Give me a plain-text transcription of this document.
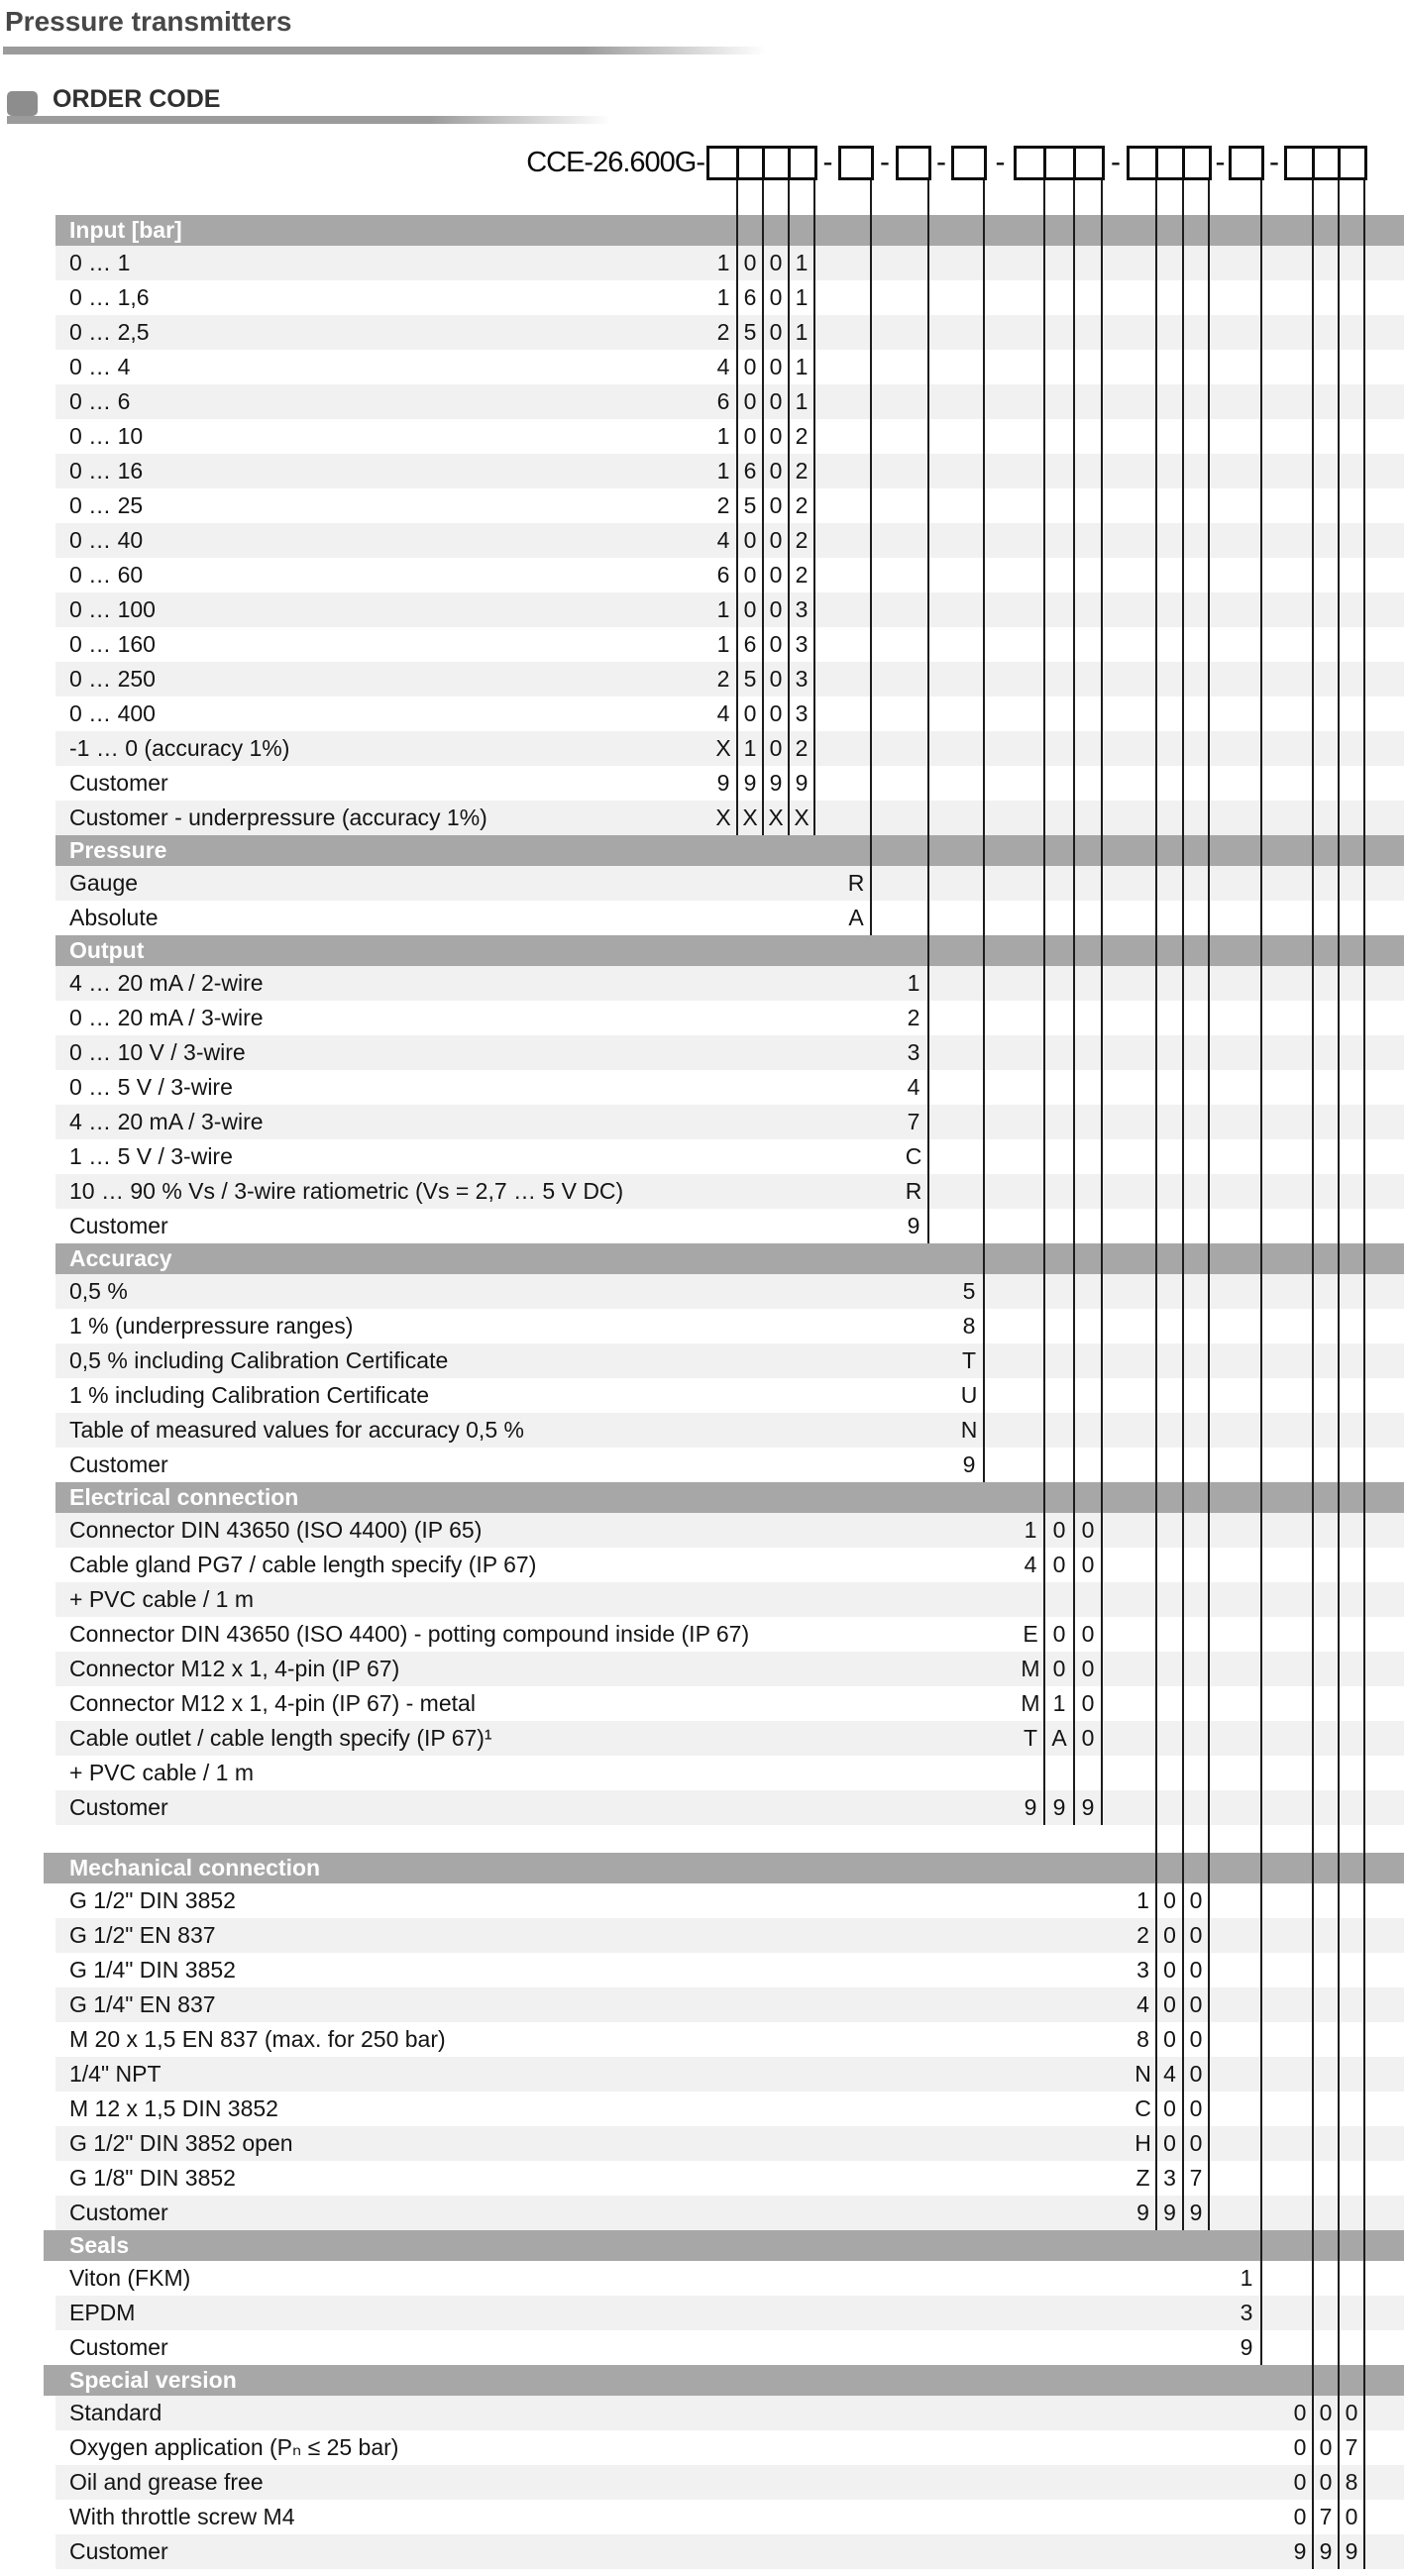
Pressure transmitters
ORDER CODE
CCE-26.600G-	-	-	-	-	-	- -
Input [bar]
0 … 1	1 0 0 1
0 … 1,6	1 6 0 1
0 … 2,5	2 5 0 1
0 … 4	4 0 0 1
0 … 6	6 0 0 1
0 … 10	1 0 0 2
0 … 16	1 6 0 2
0 … 25	2 5 0 2
0 … 40	4 0 0 2
0 … 60	6 0 0 2
0 … 100	1 0 0 3
0 … 160	1 6 0 3
0 … 250	2 5 0 3
0 … 400	4 0 0 3
-1 … 0 (accuracy 1%)	X 1 0 2
Customer	9 9 9 9
Customer - underpressure (accuracy 1%)	X X X X
Pressure
Gauge	R
Absolute	A
Output
4 … 20 mA / 2-wire	1
0 … 20 mA / 3-wire	2
0 … 10 V / 3-wire	3
0 … 5 V / 3-wire	4
4 … 20 mA / 3-wire	7
1 … 5 V / 3-wire	C
10 … 90 % Vs / 3-wire ratiometric (Vs = 2,7 … 5 V DC)	R
Customer	9
Accuracy
0,5 %	5
1 % (underpressure ranges)	8
0,5 % including Calibration Certificate	T
1 % including Calibration Certificate	U
Table of measured values for accuracy 0,5 %	N
Customer	9
Electrical connection
Connector DIN 43650 (ISO 4400) (IP 65)	1 0 0
Cable gland PG7 / cable length specify (IP 67)	4 0 0
+ PVC cable / 1 m
Connector DIN 43650 (ISO 4400) - potting compound inside (IP 67)	E 0 0
Connector M12 x 1, 4-pin (IP 67)	M 0 0
Connector M12 x 1, 4-pin (IP 67) - metal	M 1 0
Cable outlet / cable length specify (IP 67)¹	T A 0
+ PVC cable / 1 m
Customer	9 9 9
Mechanical connection
G 1/2" DIN 3852	1 0 0
G 1/2" EN 837	2 0 0
G 1/4" DIN 3852	3 0 0
G 1/4" EN 837	4 0 0
M 20 x 1,5 EN 837 (max. for 250 bar)	8 0 0
1/4" NPT	N 4 0
M 12 x 1,5 DIN 3852	C 0 0
G 1/2" DIN 3852 open	H 0 0
G 1/8" DIN 3852	Z 3 7
Customer	9 9 9
Seals
Viton (FKM)	1
EPDM	3
Customer	9
Special version
Standard	0 0 0
Oxygen application (Pₙ ≤ 25 bar)	0 0 7
Oil and grease free	0 0 8
With throttle screw M4	0 7 0
Customer	9 9 9
